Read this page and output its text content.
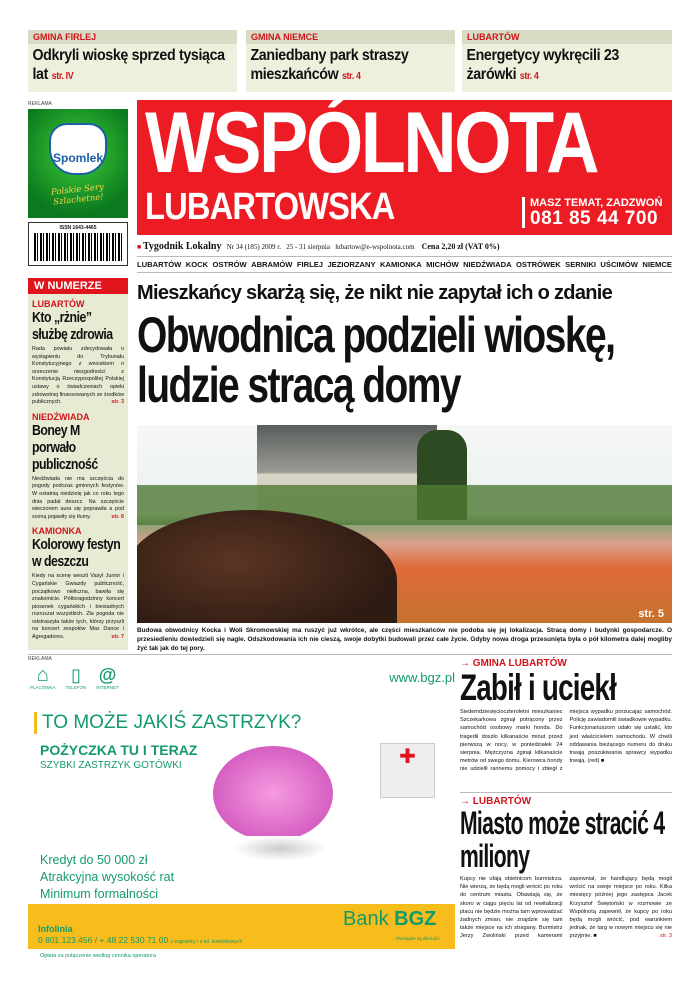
GMINA FIRLEJ
Odkryli wioskę sprzed tysiąca lat str. IV
GMINA NIEMCE
Zaniedbany park straszy mieszkańców str. 4
LUBARTÓW
Energetycy wykręcili 23 żarówki str. 4
REKLAMA
Spomlek
Polskie Sery Szlachetne!
ISSN 1643-4465
WSPÓLNOTA
LUBARTOWSKA	MASZ TEMAT, ZADZWOŃ
081 85 44 700
■ Tygodnik Lokalny Nr 34 (185) 2009 r. 25 - 31 sierpnia lubartow@e-wspolnota.com Cena 2,20 zł (VAT 0%)
LUBARTÓW KOCK OSTRÓW ABRAMÓW FIRLEJ JEZIORZANY KAMIONKA MICHÓW NIEDŹWIADA OSTRÓWEK SERNIKI UŚCIMÓW NIEMCE
W NUMERZE
LUBARTÓW
Kto „rżnie” służbę zdrowia
Rada powiatu zdecydowała o wystąpieniu do Trybunału Konstytucyjnego z wnioskiem o orzeczenie niezgodności z Konstytucją Rzeczypospolitej Polskiej ustawy o świadczeniach opieki zdrowotnej finansowanych ze środków publicznych.	str. 3
NIEDŹWIADA
Boney M porwało publiczność
Niedźwiada nie ma szczęścia do pogody podczas gminnych festynów. W ostatnią niedzielę jak co roku tego dnia padał deszcz. Na szczęście wieczorem aura się poprawiła a pod sceną pojawiły się tłumy.	str. 6
KAMIONKA
Kolorowy festyn w deszczu
Kiedy na scenę weszli Vasyl Junior i Cygańskie Gwiazdy publiczność, początkowo nieliczna, bawiła się znakomicie. Półtoragodzinny koncert piosenek cygańskich i biesiadnych rozruszał wszystkich. Zła pogoda nie odstraszyła także tych, którzy przyszli na koncert zespołów Max Dance i Agregadores.	str. 7
Mieszkańcy skarżą się, że nikt nie zapytał ich o zdanie
Obwodnica podzieli wioskę,
ludzie stracą domy
str. 5
Budowa obwodnicy Kocka i Woli Skromowskiej ma ruszyć już wkrótce, ale części mieszkańców nie podoba się jej lokalizacja. Stracą domy i budynki gospodarcze. O przesiedleniu dowiedzieli się nagle. Odszkodowania ich nie cieszą, swoje dobytki budowali przez całe życie. Gdyby nowa droga przesunięta była o pół kilometra dalej mogliby żyć tak jak do tej pory.
REKLAMA
⌂
PLACÓWKA
▯
TELEFON
@
INTERNET
www.bgz.pl
TO MOŻE JAKIŚ ZASTRZYK?
POŻYCZKA TU I TERAZ
SZYBKI ZASTRZYK GOTÓWKI	✚
Kredyt do 50 000 zł
Atrakcyjna wysokość rat
Minimum formalności
Infolinia
0 801 123 456 / + 48 22 530 71 00 z zagranicy i z tel. komórkowych
Bank BGZ
Pieniądze są dla ludzi
Opłata za połączenie według cennika operatora
→ GMINA LUBARTÓW
Zabił i uciekł
Siedemdziesięcioczteroletni mieszkaniec Szczekarkowa zginął potrącony przez samochód osobowy marki honda. Do tragedii doszło kilkanaście minut przed pierwszą w nocy, w poniedziałek 24 sierpnia. Mężczyzna zginął kilkanaście metrów od swego domu. Kierowca hondy nie udzielił rannemu pomocy i zbiegł z miejsca wypadku porzucając samochód. Policję zawiadomili świadkowie wypadku. Funkcjonariuszom udało się ustalić, kto jest właścicielem samochodu. W chwili oddawania bieżącego numeru do druku trwają poszukiwania sprawcy wypadku trwają. (red) ■
→ LUBARTÓW
Miasto może stracić 4 miliony
Kupcy nie ufają obietnicom burmistrza. Nie wierzą, że będą mogli wrócić po roku do centrum miasta. Obawiają się, że skoro w ciągu pięciu lat od rewitalizacji placu nie będzie można tam wprowadzać żadnych zmian, nie znajdzie się tam także miejsce na ich stragany. Burmistrz Jerzy Zwoliński przed kamerami zapewniał, że handlujący będą mogli wrócić na swoje miejsce po roku. Kilka miesięcy później jego zastępca Jacek Krzysztof Świętoński w rozmowie ze Wspólnotą zapewnił, że kupcy po roku będą mogli wrócić, pod warunkiem jednak, że targ w nowym miejscu się nie przyjmie. ■	str. 3
